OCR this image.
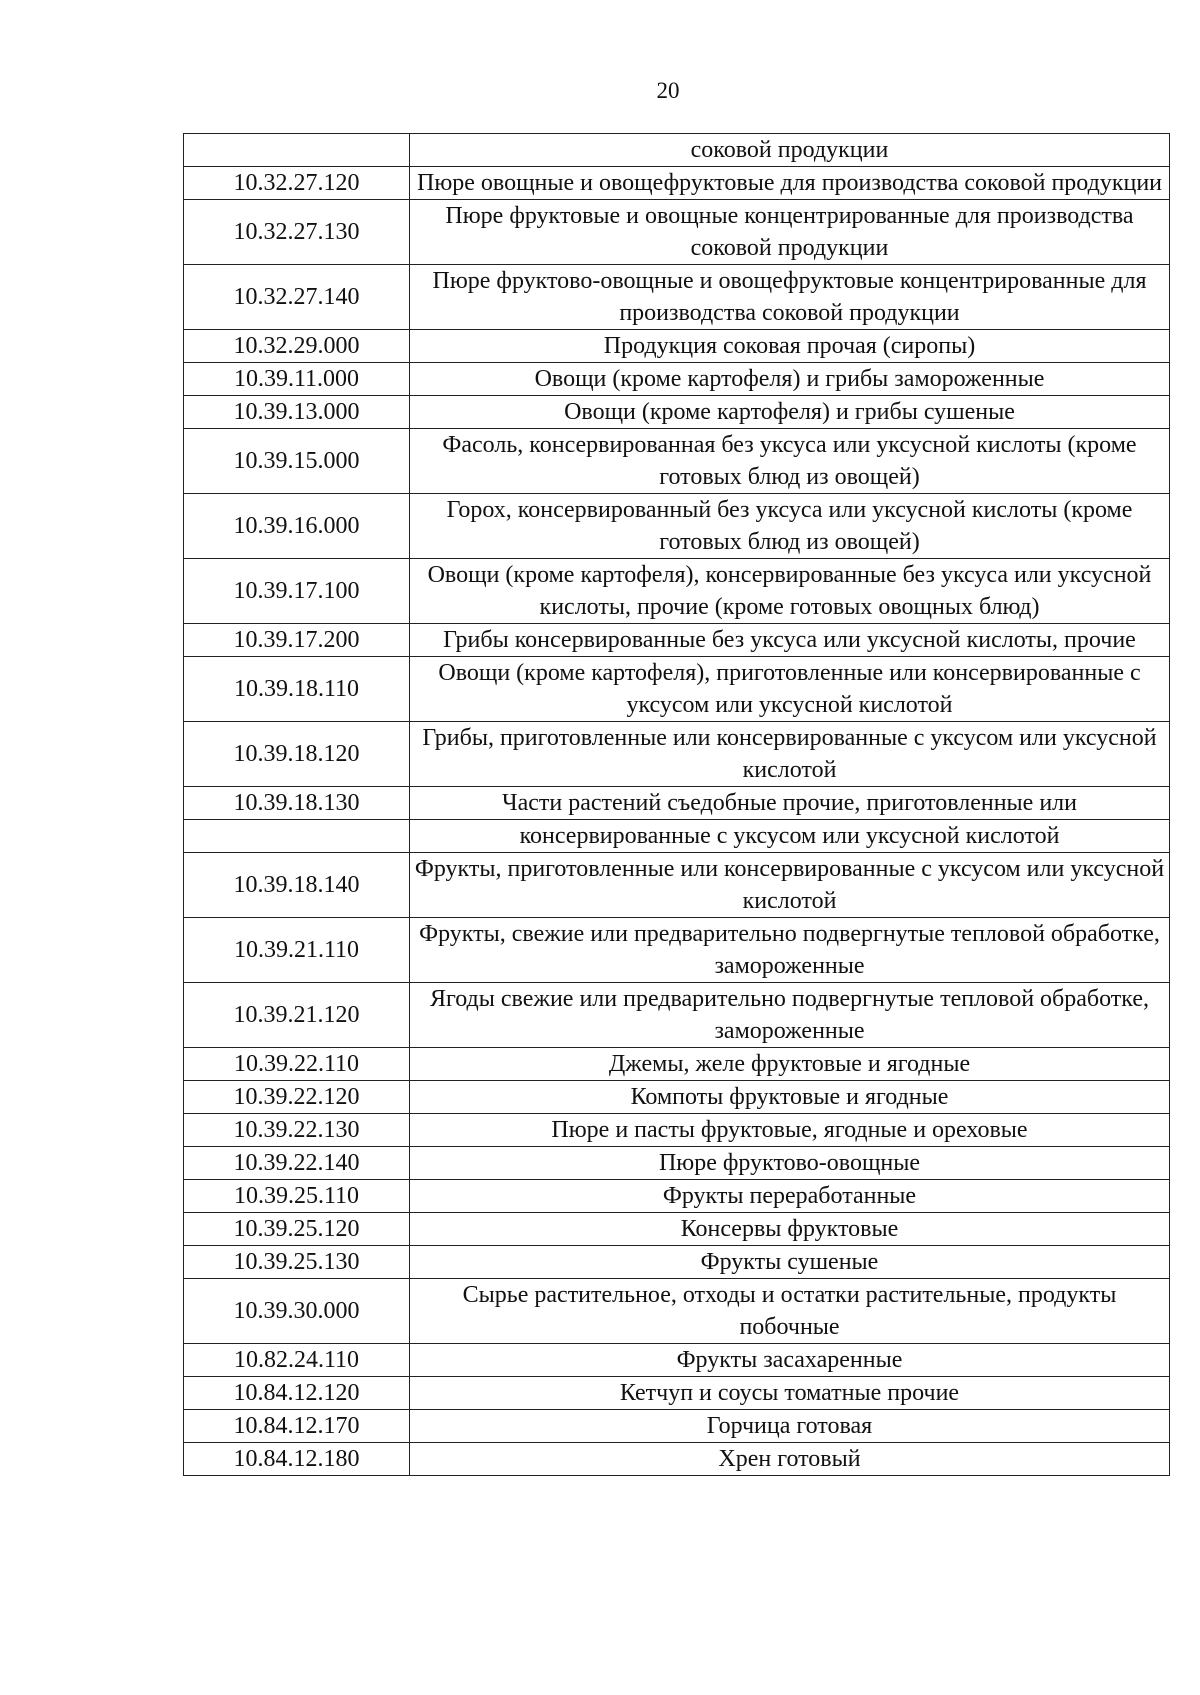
20
	соковой продукции
10.32.27.120	Пюре овощные и овощефруктовые для производства соковой продукции
10.32.27.130	Пюре фруктовые и овощные концентрированные для производства соковой продукции
10.32.27.140	Пюре фруктово-овощные и овощефруктовые концентрированные для производства соковой продукции
10.32.29.000	Продукция соковая прочая (сиропы)
10.39.11.000	Овощи (кроме картофеля) и грибы замороженные
10.39.13.000	Овощи (кроме картофеля) и грибы сушеные
10.39.15.000	Фасоль, консервированная без уксуса или уксусной кислоты (кроме готовых блюд из овощей)
10.39.16.000	Горох, консервированный без уксуса или уксусной кислоты (кроме готовых блюд из овощей)
10.39.17.100	Овощи (кроме картофеля), консервированные без уксуса или уксусной кислоты, прочие (кроме готовых овощных блюд)
10.39.17.200	Грибы консервированные без уксуса или уксусной кислоты, прочие
10.39.18.110	Овощи (кроме картофеля), приготовленные или консервированные с уксусом или уксусной кислотой
10.39.18.120	Грибы, приготовленные или консервированные с уксусом или уксусной кислотой
10.39.18.130	Части растений съедобные прочие, приготовленные или
	консервированные с уксусом или уксусной кислотой
10.39.18.140	Фрукты, приготовленные или консервированные с уксусом или уксусной кислотой
10.39.21.110	Фрукты, свежие или предварительно подвергнутые тепловой обработке, замороженные
10.39.21.120	Ягоды свежие или предварительно подвергнутые тепловой обработке, замороженные
10.39.22.110	Джемы, желе фруктовые и ягодные
10.39.22.120	Компоты фруктовые и ягодные
10.39.22.130	Пюре и пасты фруктовые, ягодные и ореховые
10.39.22.140	Пюре фруктово-овощные
10.39.25.110	Фрукты переработанные
10.39.25.120	Консервы фруктовые
10.39.25.130	Фрукты сушеные
10.39.30.000	Сырье растительное, отходы и остатки растительные, продукты побочные
10.82.24.110	Фрукты засахаренные
10.84.12.120	Кетчуп и соусы томатные прочие
10.84.12.170	Горчица готовая
10.84.12.180	Хрен готовый
